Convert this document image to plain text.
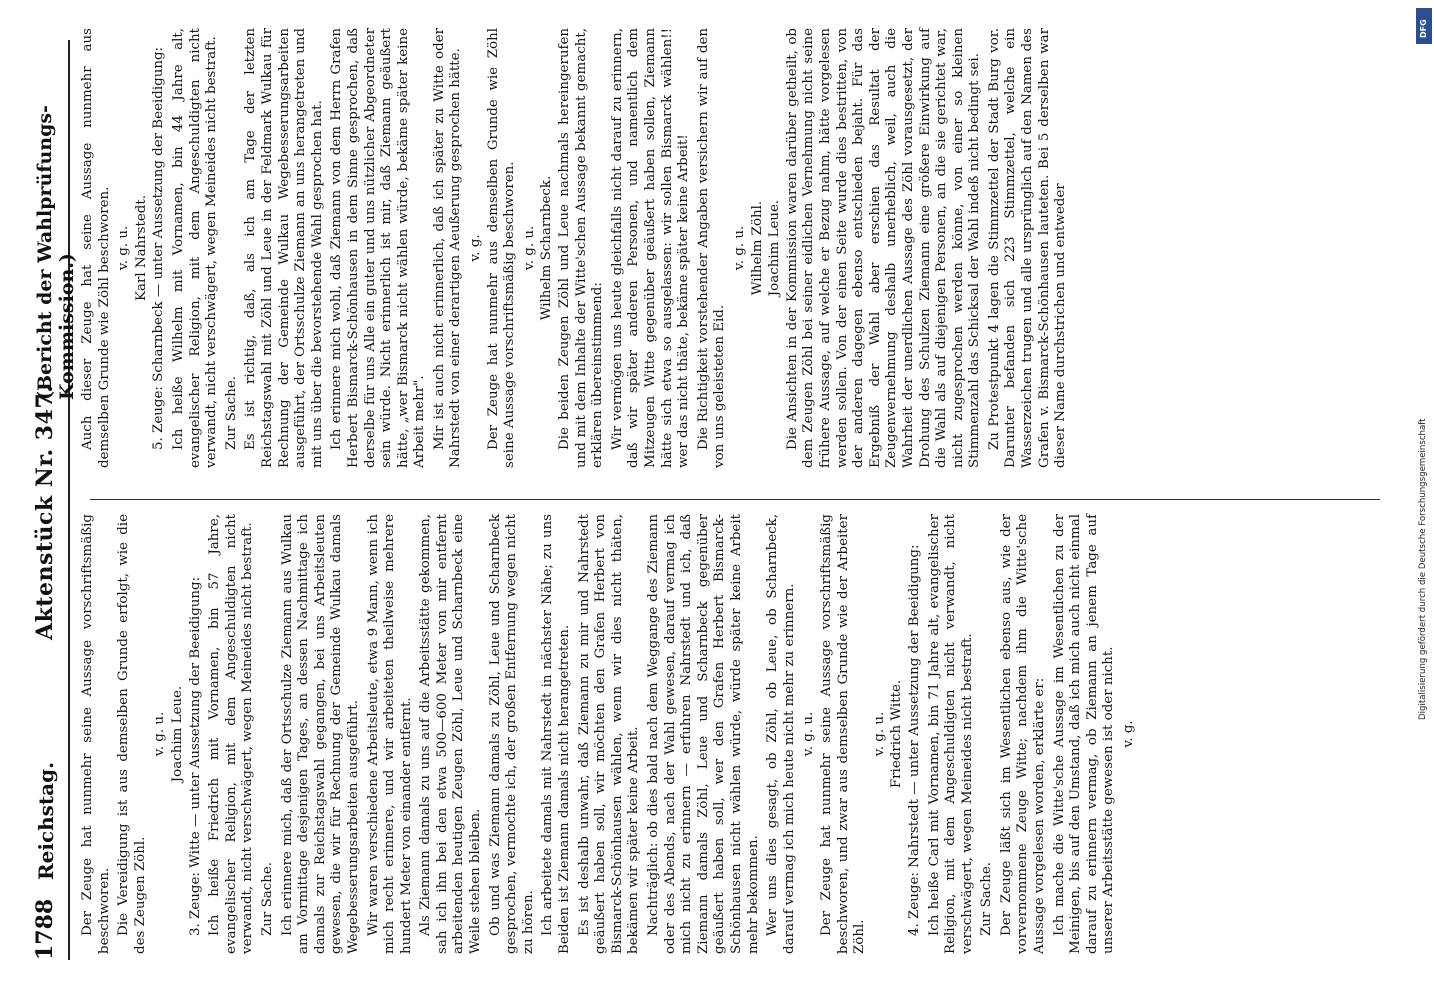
1788
Reichstag.
Aktenstück Nr. 347.
(Bericht der Wahlprüfungs-Kommission.)

Der Zeuge hat nunmehr seine Aussage vorschriftsmäßig beschworen. Die Vereidigung ist aus demselben Grunde erfolgt, wie die des Zeugen Zöhl.

v. g. u. Joachim Leue. 3. Zeuge: Witte — unter Aussetzung der Beeidigung: Ich heiße Friedrich mit Vornamen, bin 57 Jahre, evangelischer Religion, mit dem Angeschuldigten nicht verwandt, nicht verschwägert, wegen Meineides nicht bestraft. Zur Sache. Ich erinnere mich, daß der Ortsschulze Ziemann aus Wulkau am Vormittage desjenigen Tages, an dessen Nachmittage ich damals zur Reichstagswahl gegangen, bei uns Arbeitsleuten gewesen, die wir für Rechnung der Gemeinde Wulkau damals Wegebesserungsarbeiten ausgeführt. Wir waren verschiedene Arbeitsleute, etwa 9 Mann, wenn ich mich recht erinnere, und wir arbeiteten theilweise mehrere hundert Meter von einander entfernt. Als Ziemann damals zu uns auf die Arbeitsstätte gekommen, sah ich ihn bei den etwa 500—600 Meter von mir entfernt arbeitenden heutigen Zeugen Zöhl, Leue und Scharnbeck eine Weile stehen bleiben. Ob und was Ziemann damals zu Zöhl, Leue und Scharnbeck gesprochen, vermochte ich, der großen Entfernung wegen nicht zu hören. Ich arbeitete damals mit Nahrstedt in nächster Nähe; zu uns Beiden ist Ziemann damals nicht herangetreten. Es ist deshalb unwahr, daß Ziemann zu mir und Nahrstedt geäußert haben soll, wir möchten den Grafen Herbert von Bismarck-Schönhausen wählen, wenn wir dies nicht thäten, bekämen wir später keine Arbeit. Nachträglich: ob dies bald nach dem Weggange des Ziemann oder des Abends, nach der Wahl gewesen, darauf vermag ich mich nicht zu erinnern — erfuhren Nahrstedt und ich, daß Ziemann damals Zöhl, Leue und Scharnbeck gegenüber geäußert haben soll, wer den Grafen Herbert Bismarck-Schönhausen nicht wählen würde, würde später keine Arbeit mehr bekommen. Wer uns dies gesagt, ob Zöhl, ob Leue, ob Scharnbeck, darauf vermag ich mich heute nicht mehr zu erinnern. v. g. u. Der Zeuge hat nunmehr seine Aussage vorschriftsmäßig beschworen, und zwar aus demselben Grunde wie der Arbeiter Zöhl.

v. g. u. Friedrich Witte. 4. Zeuge: Nahrstedt — unter Aussetzung der Beeidigung: Ich heiße Carl mit Vornamen, bin 71 Jahre alt, evangelischer Religion, mit dem Angeschuldigten nicht verwandt, nicht verschwägert, wegen Meineides nicht bestraft. Zur Sache. Der Zeuge läßt sich im Wesentlichen ebenso aus, wie der vorvernommene Zeuge Witte; nachdem ihm die Witte'sche Aussage vorgelesen worden, erklärte er: Ich mache die Witte'sche Aussage im Wesentlichen zu der Meinigen, bis auf den Umstand, daß ich mich auch nicht einmal darauf zu erinnern vermag, ob Ziemann an jenem Tage auf unserer Arbeitsstätte gewesen ist oder nicht. v. g.

Auch dieser Zeuge hat seine Aussage nunmehr aus demselben Grunde wie Zöhl beschworen. v. g. u. Karl Nahrstedt. 5. Zeuge: Scharnbeck — unter Aussetzung der Beeidigung: Ich heiße Wilhelm mit Vornamen, bin 44 Jahre alt, evangelischer Religion, mit dem Angeschuldigten nicht verwandt, nicht verschwägert, wegen Meineides nicht bestraft. Zur Sache. Es ist richtig, daß, als ich am Tage der letzten Reichstagswahl mit Zöhl und Leue in der Feldmark Wulkau für Rechnung der Gemeinde Wulkau Wegebesserungsarbeiten ausgeführt, der Ortsschulze Ziemann an uns herangetreten und mit uns über die bevorstehende Wahl gesprochen hat. Ich erinnere mich wohl, daß Ziemann von dem Herrn Grafen Herbert Bismarck-Schönhausen in dem Sinne gesprochen, daß derselbe für uns Alle ein guter und uns nützlicher Abgeordneter sein würde. Nicht erinnerlich ist mir, daß Ziemann geäußert hätte, „wer Bismarck nicht wählen würde, bekäme später keine Arbeit mehr". Mir ist auch nicht erinnerlich, daß ich später zu Witte oder Nahrstedt von einer derartigen Aeußerung gesprochen hätte. v. g. Der Zeuge hat nunmehr aus demselben Grunde wie Zöhl seine Aussage vorschriftsmäßig beschworen. v. g. u. Wilhelm Scharnbeck. Die beiden Zeugen Zöhl und Leue nachmals hereingerufen und mit dem Inhalte der Witte'schen Aussage bekannt gemacht, erklären übereinstimmend: Wir vermögen uns heute gleichfalls nicht darauf zu erinnern, daß wir später anderen Personen, und namentlich dem Mitzeugen Witte gegenüber geäußert haben sollen, Ziemann hätte sich etwa so ausgelassen: wir sollen Bismarck wählen!! wer das nicht thäte, bekäme später keine Arbeit! Die Richtigkeit vorstehender Angaben versichern wir auf den von uns geleisteten Eid.

v. g. u. Wilhelm Zöhl. Joachim Leue. Die Ansichten in der Kommission waren darüber getheilt, ob dem Zeugen Zöhl bei seiner eidlichen Vernehmung nicht seine frühere Aussage, auf welche er Bezug nahm, hätte vorgelesen werden sollen. Von der einen Seite wurde dies bestritten, von der anderen dagegen ebenso entschieden bejaht. Für das Ergebniß der Wahl aber erschien das Resultat der Zeugenvernehmung deshalb unerheblich, weil, auch die Wahrheit der unerdlichen Aussage des Zöhl vorausgesetzt, der Drohung des Schulzen Ziemann eine größere Einwirkung auf die Wahl als auf diejenigen Personen, an die sie gerichtet war, nicht zugesprochen werden könne, von einer so kleinen Stimmenzahl das Schicksal der Wahl indeß nicht bedingt sei. Zu Protestpunkt 4 lagen die Stimmzettel der Stadt Burg vor. Darunter befanden sich 223 Stimmzettel, welche ein Wasserzeichen trugen und alle ursprünglich auf den Namen des Grafen v. Bismarck-Schönhausen lauteten. Bei 5 derselben war dieser Name durchstrichen und entweder

DFG
Digitalisierung gefördert durch die Deutsche Forschungsgemeinschaft
